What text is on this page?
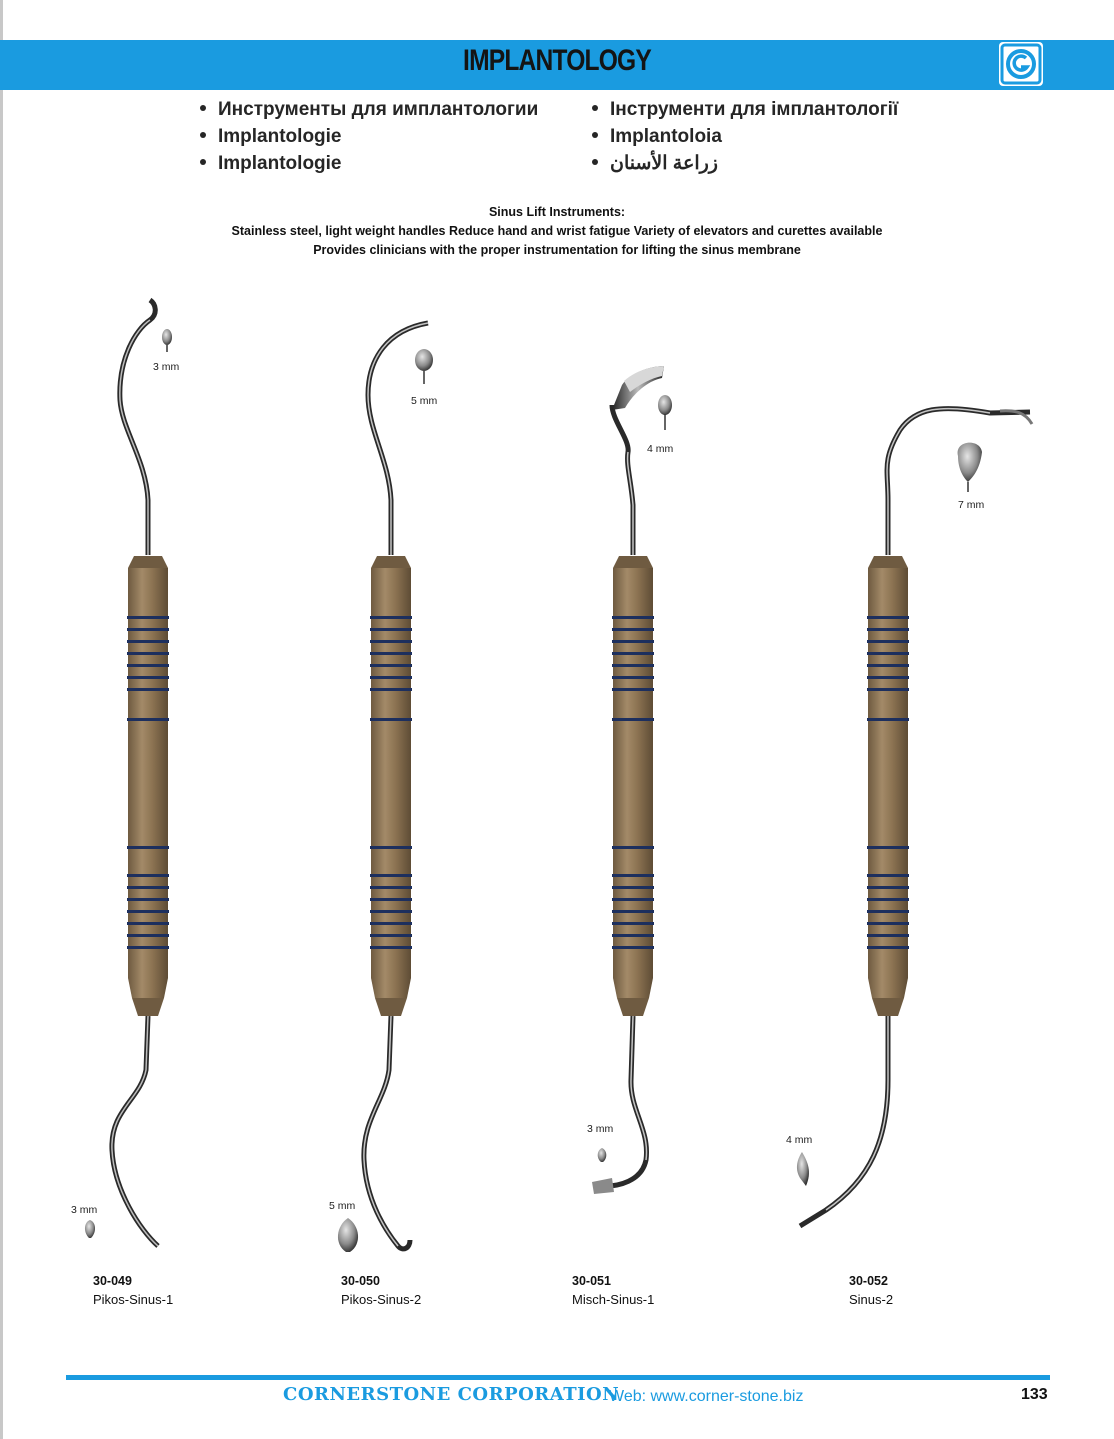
IMPLANTOLOGY
Инструменты для имплантологии
Implantologie
Implantologie
Інструменти для імплантології
Implantoloia
زراعة الأسنان
Sinus Lift Instruments:
Stainless steel, light weight handles Reduce hand and wrist fatigue Variety of elevators and curettes available
Provides clinicians with the proper instrumentation for lifting the sinus membrane
3 mm
3 mm
5 mm
5 mm
4 mm
3 mm
7 mm
4 mm
30-049
Pikos-Sinus-1
30-050
Pikos-Sinus-2
30-051
Misch-Sinus-1
30-052
Sinus-2
CORNERSTONE CORPORATION
Web: www.corner-stone.biz	133
